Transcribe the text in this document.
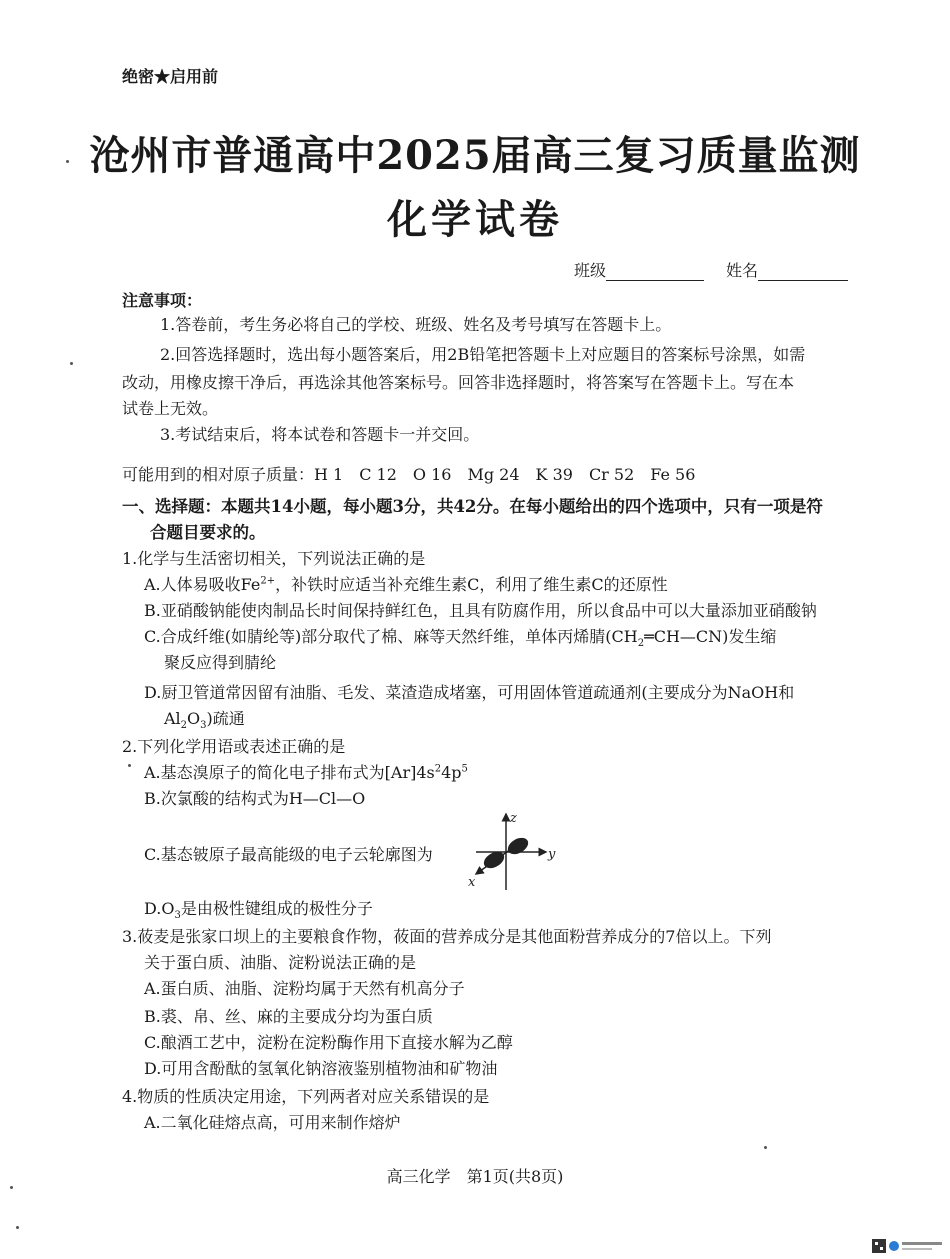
绝密★启用前
沧州市普通高中2025届高三复习质量监测
化学试卷
班级	姓名
注意事项：
1.答卷前，考生务必将自己的学校、班级、姓名及考号填写在答题卡上。
2.回答选择题时，选出每小题答案后，用2B铅笔把答题卡上对应题目的答案标号涂黑，如需
改动，用橡皮擦干净后，再选涂其他答案标号。回答非选择题时，将答案写在答题卡上。写在本
试卷上无效。
3.考试结束后，将本试卷和答题卡一并交回。
可能用到的相对原子质量：H 1　C 12　O 16　Mg 24　K 39　Cr 52　Fe 56
一、选择题：本题共14小题，每小题3分，共42分。在每小题给出的四个选项中，只有一项是符
合题目要求的。
1.化学与生活密切相关，下列说法正确的是
A.人体易吸收$Fe^{2+}$，补铁时应适当补充维生素C，利用了维生素C的还原性
B.亚硝酸钠能使肉制品长时间保持鲜红色，且具有防腐作用，所以食品中可以大量添加亚硝酸钠
C.合成纤维(如腈纶等)部分取代了棉、麻等天然纤维，单体丙烯腈$(CH_2═CH—CN)$发生缩
聚反应得到腈纶
D.厨卫管道常因留有油脂、毛发、菜渣造成堵塞，可用固体管道疏通剂(主要成分为NaOH和
$Al_2O_3$)疏通
2.下列化学用语或表述正确的是
A.基态溴原子的简化电子排布式为$[Ar]4s^24p^5$
B.次氯酸的结构式为H—Cl—O
C.基态铍原子最高能级的电子云轮廓图为
z
y
x
$D.O_3$是由极性键组成的极性分子
3.莜麦是张家口坝上的主要粮食作物，莜面的营养成分是其他面粉营养成分的7倍以上。下列
关于蛋白质、油脂、淀粉说法正确的是
A.蛋白质、油脂、淀粉均属于天然有机高分子
B.裘、帛、丝、麻的主要成分均为蛋白质
C.酿酒工艺中，淀粉在淀粉酶作用下直接水解为乙醇
D.可用含酚酞的氢氧化钠溶液鉴别植物油和矿物油
4.物质的性质决定用途，下列两者对应关系错误的是
A.二氧化硅熔点高，可用来制作熔炉
高三化学　第1页(共8页)
